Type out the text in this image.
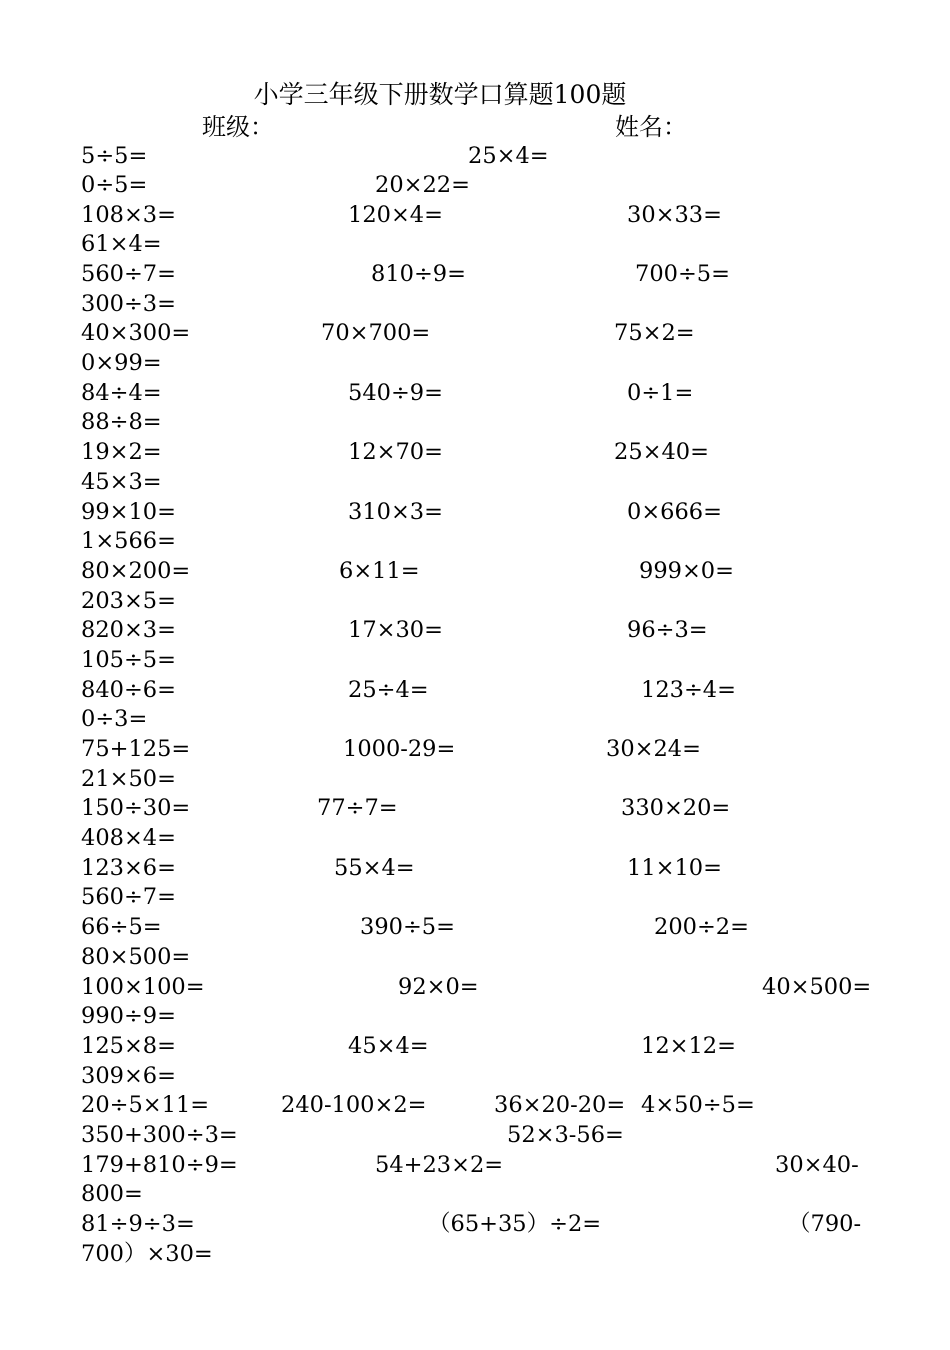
小学三年级下册数学口算题100题
班级：	姓名：
5÷5=	25×4=
0÷5=	20×22=
108×3=	120×4=	30×33=
61×4=
560÷7=	810÷9=	700÷5=
300÷3=
40×300=	70×700=	75×2=
0×99=
84÷4=	540÷9=	0÷1=
88÷8=
19×2=	12×70=	25×40=
45×3=
99×10=	310×3=	0×666=
1×566=
80×200=	6×11=	999×0=
203×5=
820×3=	17×30=	96÷3=
105÷5=
840÷6=	25÷4=	123÷4=
0÷3=
75+125=	1000-29=	30×24=
21×50=
150÷30=	77÷7=	330×20=
408×4=
123×6=	55×4=	11×10=
560÷7=
66÷5=	390÷5=	200÷2=
80×500=
100×100=	92×0=	40×500=
990÷9=
125×8=	45×4=	12×12=
309×6=
20÷5×11=	240-100×2=	36×20-20= 4×50÷5=
350+300÷3=	52×3-56=
179+810÷9=	54+23×2=	30×40-
800=
81÷9÷3=	（65+35）÷2=	（790-
700）×30=
